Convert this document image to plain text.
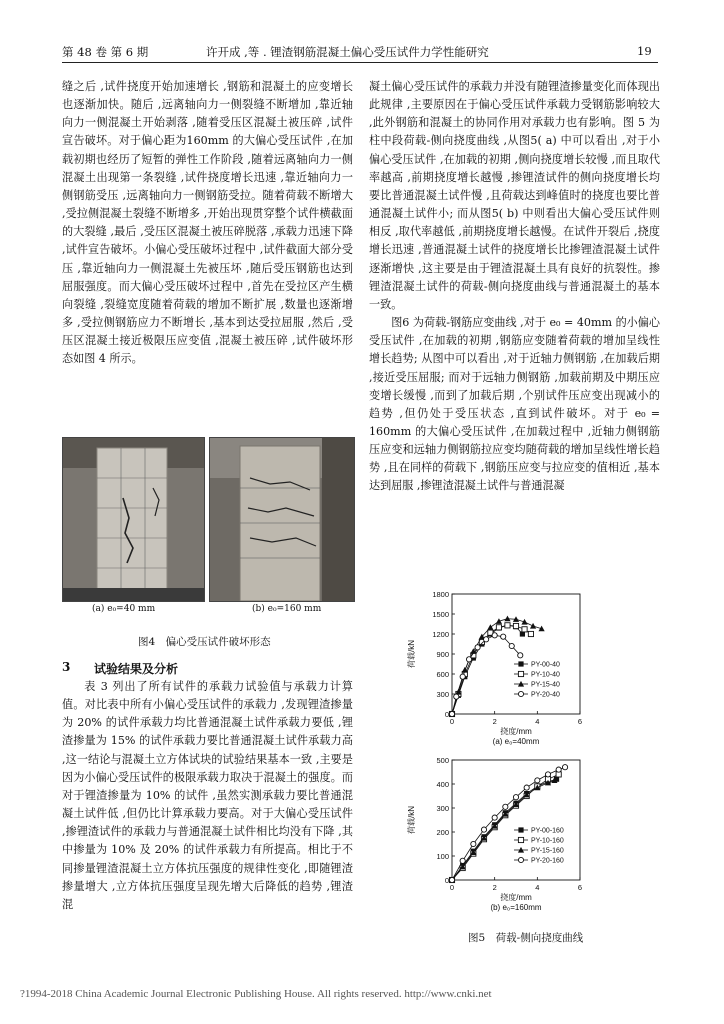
第 48 卷 第 6 期	许开成 ,等 . 锂渣钢筋混凝土偏心受压试件力学性能研究	19

缝之后 ,试件挠度开始加速增长 ,钢筋和混凝土的应变增长也逐渐加快。随后 ,远离轴向力一侧裂缝不断增加 ,靠近轴向力一侧混凝土开始剥落 ,随着受压区混凝土被压碎 ,试件宣告破坏。对于偏心距为160mm 的大偏心受压试件 ,在加载初期也经历了短暂的弹性工作阶段 ,随着远离轴向力一侧混凝土出现第一条裂缝 ,试件挠度增长迅速 ,靠近轴向力一侧钢筋受压 ,远离轴向力一侧钢筋受拉。随着荷载不断增大 ,受拉侧混凝土裂缝不断增多 ,开始出现贯穿整个试件横截面的大裂缝 ,最后 ,受压区混凝土被压碎脱落 ,承载力迅速下降 ,试件宣告破坏。小偏心受压破坏过程中 ,试件截面大部分受压 ,靠近轴向力一侧混凝土先被压坏 ,随后受压钢筋也达到屈服强度。而大偏心受压破坏过程中 ,首先在受拉区产生横向裂缝 ,裂缝宽度随着荷载的增加不断扩展 ,数量也逐渐增多 ,受拉侧钢筋应力不断增长 ,基本到达受拉屈服 ,然后 ,受压区混凝土接近极限压应变值 ,混凝土被压碎 ,试件破坏形态如图 4 所示。

(a) e₀=40 mm	(b) e₀=160 mm
图4　偏心受压试件破坏形态
3 试验结果及分析

表 3 列出了所有试件的承载力试验值与承载力计算值。对比表中所有小偏心受压试件的承载力 ,发现锂渣掺量为 20% 的试件承载力均比普通混凝土试件承载力要低 ,锂渣掺量为 15% 的试件承载力要比普通混凝土试件承载力高 ,这一结论与混凝土立方体试块的试验结果基本一致 ,主要是因为小偏心受压试件的极限承载力取决于混凝土的强度。而对于锂渣掺量为 10% 的试件 ,虽然实测承载力要比普通混凝土试件低 ,但仍比计算承载力要高。对于大偏心受压试件 ,掺锂渣试件的承载力与普通混凝土试件相比均没有下降 ,其中掺量为 10% 及 20% 的试件承载力有所提高。相比于不同掺量锂渣混凝土立方体抗压强度的规律性变化 ,即随锂渣掺量增大 ,立方体抗压强度呈现先增大后降低的趋势 ,锂渣混

凝土偏心受压试件的承载力并没有随锂渣掺量变化而体现出此规律 ,主要原因在于偏心受压试件承载力受钢筋影响较大 ,此外钢筋和混凝土的协同作用对承载力也有影响。图 5 为柱中段荷载-侧向挠度曲线 ,从图5( a) 中可以看出 ,对于小偏心受压试件 ,在加载的初期 ,侧向挠度增长较慢 ,而且取代率越高 ,前期挠度增长越慢 ,掺锂渣试件的侧向挠度增长均要比普通混凝土试件慢 ,且荷载达到峰值时的挠度也要比普通混凝土试件小; 而从图5( b) 中则看出大偏心受压试件则相反 ,取代率越低 ,前期挠度增长越慢。在试件开裂后 ,挠度增长迅速 ,普通混凝土试件的挠度增长比掺锂渣混凝土试件逐渐增快 ,这主要是由于锂渣混凝土具有良好的抗裂性。掺锂渣混凝土试件的荷载-侧向挠度曲线与普通混凝土的基本一致。

图6 为荷载-钢筋应变曲线 ,对于 e₀ = 40mm 的小偏心受压试件 ,在加载的初期 ,钢筋应变随着荷载的增加呈线性增长趋势; 从图中可以看出 ,对于近轴力侧钢筋 ,在加载后期 ,接近受压屈服; 而对于远轴力侧钢筋 ,加载前期及中期压应变增长缓慢 ,而到了加载后期 ,个别试件压应变出现减小的趋势 ,但仍处于受压状态 ,直到试件破坏。对于 e₀ = 160mm 的大偏心受压试件 ,在加载过程中 ,近轴力侧钢筋压应变和远轴力侧钢筋拉应变均随荷载的增加呈线性增长趋势 ,且在同样的荷载下 ,钢筋压应变与拉应变的值相近 ,基本达到屈服 ,掺锂渣混凝土试件与普通混凝

0
300
600
900
1200
1500
1800
0	2	4	6
挠度/mm
荷载/kN
(a) e₀=40mm
PY-00-40
PY-10-40
PY-15-40
PY-20-40
0
100
200
300
400
500
0	2	4	6
挠度/mm
荷载/kN
(b) e₀=160mm
PY-00-160
PY-10-160
PY-15-160
PY-20-160
图5　荷载-侧向挠度曲线
?1994-2018 China Academic Journal Electronic Publishing House. All rights reserved. http://www.cnki.net
